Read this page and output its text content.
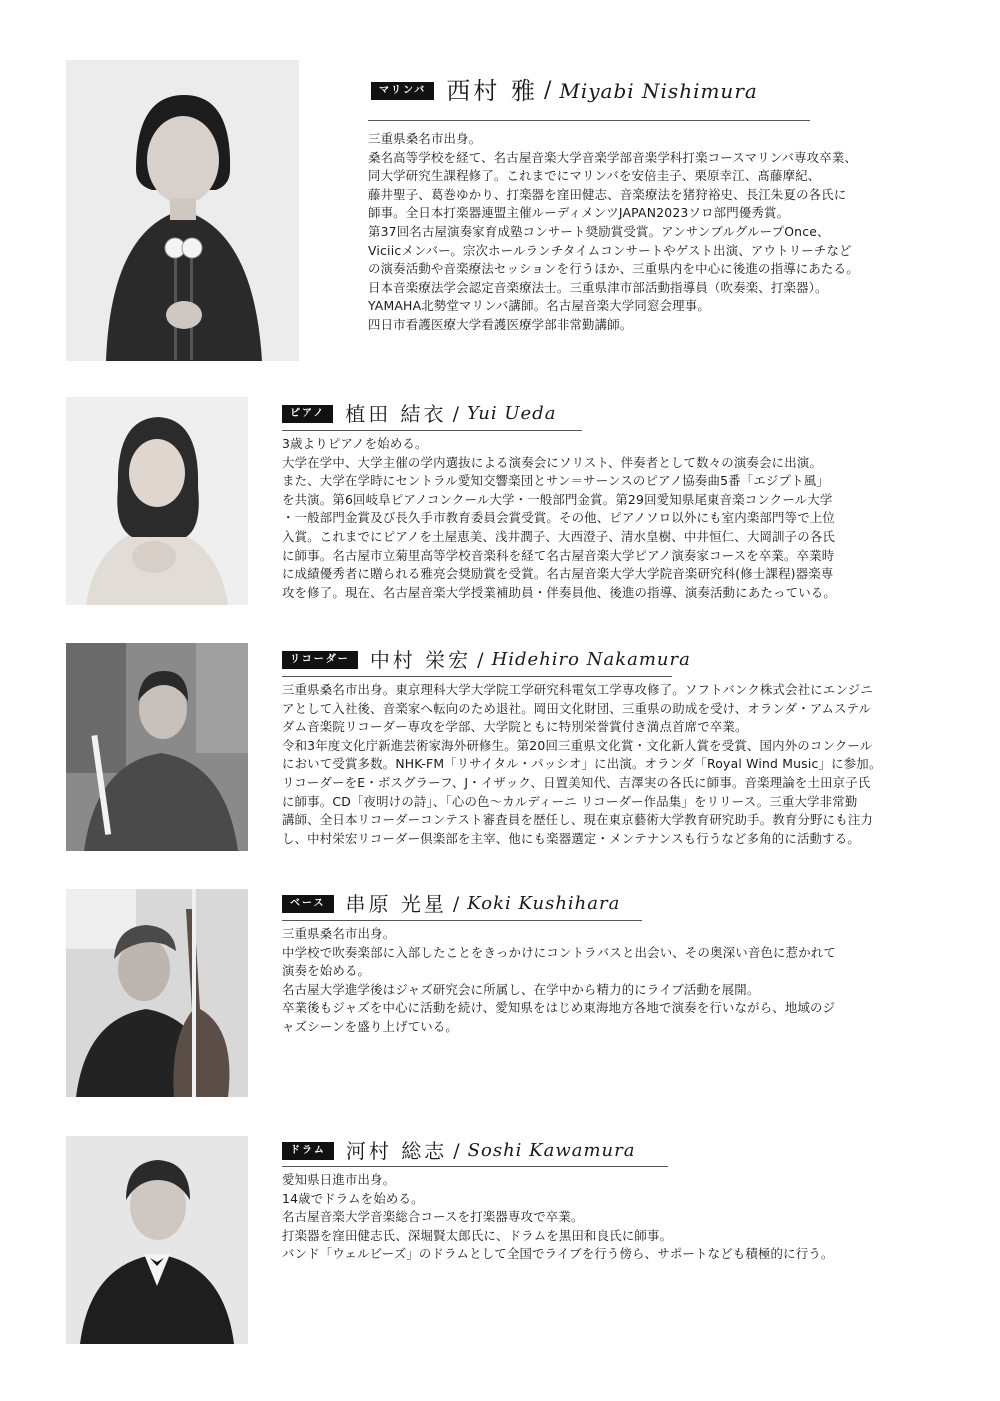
マリンバ 西村 雅 / Miyabi Nishimura

三重県桑名市出身。

桑名高等学校を経て、名古屋音楽大学音楽学部音楽学科打楽コースマリンバ専攻卒業、

同大学研究生課程修了。これまでにマリンバを安倍圭子、栗原幸江、髙藤摩紀、

藤井聖子、葛巻ゆかり、打楽器を窪田健志、音楽療法を猪狩裕史、長江朱夏の各氏に

師事。全日本打楽器連盟主催ルーディメンツJAPAN2023ソロ部門優秀賞。

第37回名古屋演奏家育成塾コンサート奨励賞受賞。アンサンブルグループOnce、

Viciicメンバー。宗次ホールランチタイムコンサートやゲスト出演、アウトリーチなど

の演奏活動や音楽療法セッションを行うほか、三重県内を中心に後進の指導にあたる。

日本音楽療法学会認定音楽療法士。三重県津市部活動指導員（吹奏楽、打楽器）。

YAMAHA北勢堂マリンバ講師。名古屋音楽大学同窓会理事。

四日市看護医療大学看護医療学部非常勤講師。

ピアノ	植田 結衣 / Yui Ueda

3歳よりピアノを始める。

大学在学中、大学主催の学内選抜による演奏会にソリスト、伴奏者として数々の演奏会に出演。

また、大学在学時にセントラル愛知交響楽団とサン＝サーンスのピアノ協奏曲5番「エジプト風」

を共演。第6回岐阜ピアノコンクール大学・一般部門金賞。第29回愛知県尾東音楽コンクール大学

・一般部門金賞及び長久手市教育委員会賞受賞。その他、ピアノソロ以外にも室内楽部門等で上位

入賞。これまでにピアノを土屋恵美、浅井潤子、大西澄子、清水皇樹、中井恒仁、大岡訓子の各氏

に師事。名古屋市立菊里高等学校音楽科を経て名古屋音楽大学ピアノ演奏家コースを卒業。卒業時

に成績優秀者に贈られる雅亮会奨励賞を受賞。名古屋音楽大学大学院音楽研究科(修士課程)器楽専

攻を修了。現在、名古屋音楽大学授業補助員・伴奏員他、後進の指導、演奏活動にあたっている。

リコーダー	中村 栄宏 / Hidehiro Nakamura

三重県桑名市出身。東京理科大学大学院工学研究科電気工学専攻修了。ソフトバンク株式会社にエンジニ

アとして入社後、音楽家へ転向のため退社。岡田文化財団、三重県の助成を受け、オランダ・アムステル

ダム音楽院リコーダー専攻を学部、大学院ともに特別栄誉賞付き満点首席で卒業。

令和3年度文化庁新進芸術家海外研修生。第20回三重県文化賞・文化新人賞を受賞、国内外のコンクール

において受賞多数。NHK-FM「リサイタル・パッシオ」に出演。オランダ「Royal Wind Music」に参加。

リコーダーをE・ボスグラーフ、J・イザック、日置美知代、吉澤実の各氏に師事。音楽理論を土田京子氏

に師事。CD「夜明けの詩」、「心の色～カルディーニ リコーダー作品集」をリリース。三重大学非常勤

講師、全日本リコーダーコンテスト審査員を歴任し、現在東京藝術大学教育研究助手。教育分野にも注力

し、中村栄宏リコーダー倶楽部を主宰、他にも楽器選定・メンテナンスも行うなど多角的に活動する。

ベース	串原 光星 / Koki Kushihara

三重県桑名市出身。

中学校で吹奏楽部に入部したことをきっかけにコントラバスと出会い、その奥深い音色に惹かれて

演奏を始める。

名古屋大学進学後はジャズ研究会に所属し、在学中から精力的にライブ活動を展開。

卒業後もジャズを中心に活動を続け、愛知県をはじめ東海地方各地で演奏を行いながら、地域のジ

ャズシーンを盛り上げている。

ドラム	河村 総志 / Soshi Kawamura

愛知県日進市出身。

14歳でドラムを始める。

名古屋音楽大学音楽総合コースを打楽器専攻で卒業。

打楽器を窪田健志氏、深堀賢太郎氏に、ドラムを黒田和良氏に師事。

バンド「ウェルビーズ」のドラムとして全国でライブを行う傍ら、サポートなども積極的に行う。
